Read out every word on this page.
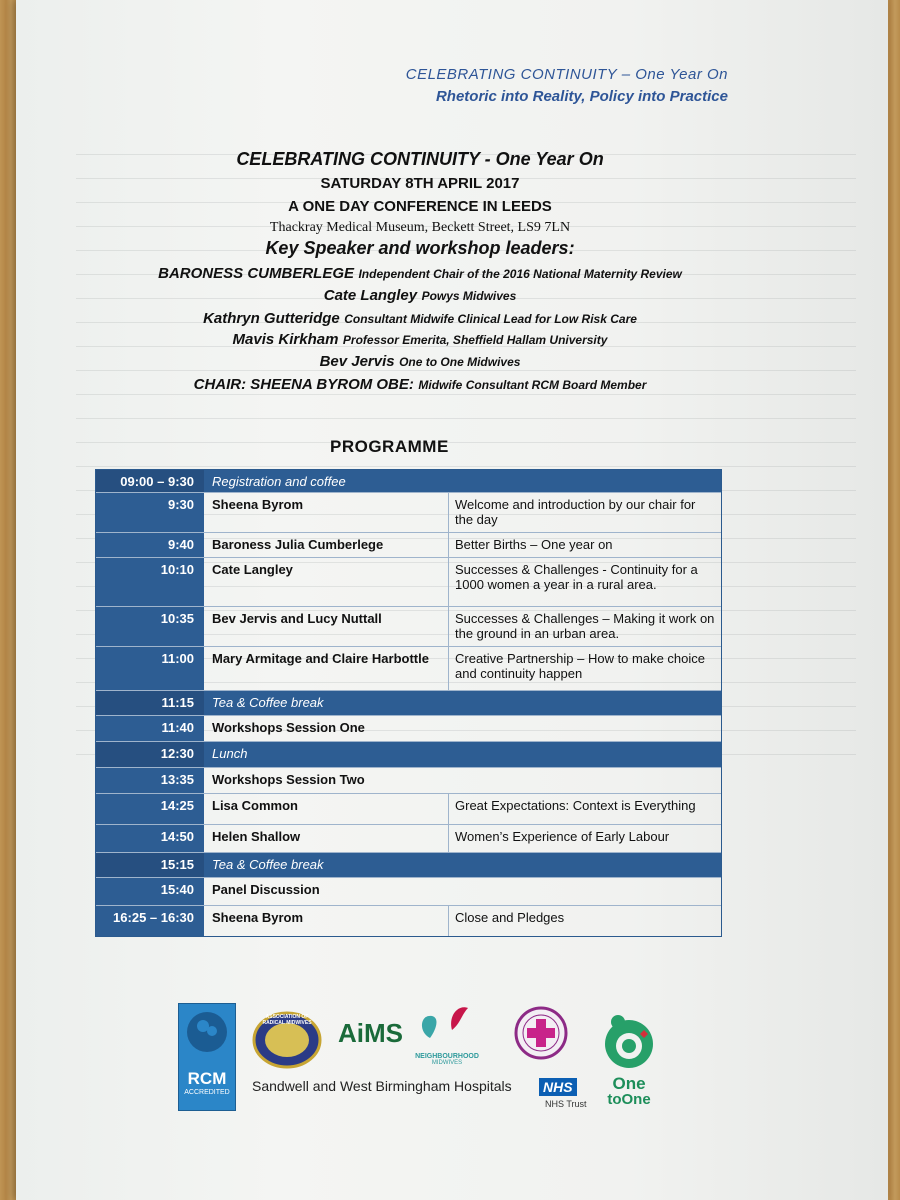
CELEBRATING CONTINUITY – One Year On
Rhetoric into Reality, Policy into Practice
CELEBRATING CONTINUITY - One Year On
SATURDAY 8TH APRIL 2017
A ONE DAY CONFERENCE IN LEEDS
Thackray Medical Museum, Beckett Street, LS9 7LN
Key Speaker and workshop leaders:
BARONESS CUMBERLEGE Independent Chair of the 2016 National Maternity Review
Cate Langley Powys Midwives
Kathryn Gutteridge Consultant Midwife Clinical Lead for Low Risk Care
Mavis Kirkham Professor Emerita, Sheffield Hallam University
Bev Jervis One to One Midwives
CHAIR: SHEENA BYROM OBE: Midwife Consultant RCM Board Member
PROGRAMME
09:00 – 9:30	Registration and coffee
9:30	Sheena Byrom	Welcome and introduction by our chair for the day
9:40	Baroness Julia Cumberlege	Better Births – One year on
10:10	Cate Langley	Successes & Challenges - Continuity for a 1000 women a year in a rural area.
10:35	Bev Jervis and Lucy Nuttall	Successes & Challenges – Making it work on the ground in an urban area.
11:00	Mary Armitage and Claire Harbottle	Creative Partnership – How to make choice and continuity happen
11:15	Tea & Coffee break
11:40	Workshops Session One
12:30	Lunch
13:35	Workshops Session Two
14:25	Lisa Common	Great Expectations: Context is Everything
14:50	Helen Shallow	Women’s Experience of Early Labour
15:15	Tea & Coffee break
15:40	Panel Discussion
16:25 – 16:30	Sheena Byrom	Close and Pledges
RCM
ACCREDITED
ASSOCIATION OF RADICAL MIDWIVES AiMS
NEIGHBOURHOOD
MIDWIVES
Sandwell and West Birmingham Hospitals NHS
NHS Trust
One
toOne
